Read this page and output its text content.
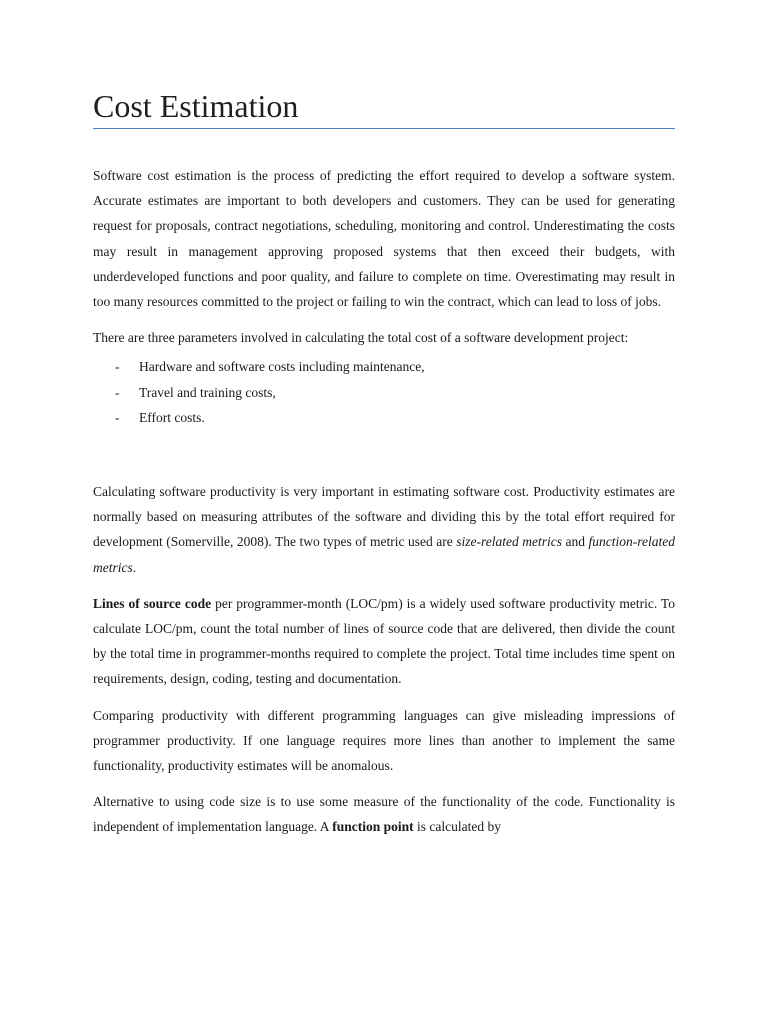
Cost Estimation

Software cost estimation is the process of predicting the effort required to develop a software system. Accurate estimates are important to both developers and customers. They can be used for generating request for proposals, contract negotiations, scheduling, monitoring and control. Underestimating the costs may result in management approving proposed systems that then exceed their budgets, with underdeveloped functions and poor quality, and failure to complete on time. Overestimating may result in too many resources committed to the project or failing to win the contract, which can lead to loss of jobs.

There are three parameters involved in calculating the total cost of a software development project:

- Hardware and software costs including maintenance,
- Travel and training costs,
- Effort costs.

Calculating software productivity is very important in estimating software cost. Productivity estimates are normally based on measuring attributes of the software and dividing this by the total effort required for development (Somerville, 2008). The two types of metric used are size-related metrics and function-related metrics.

Lines of source code per programmer-month (LOC/pm) is a widely used software productivity metric. To calculate LOC/pm, count the total number of lines of source code that are delivered, then divide the count by the total time in programmer-months required to complete the project. Total time includes time spent on requirements, design, coding, testing and documentation.

Comparing productivity with different programming languages can give misleading impressions of programmer productivity. If one language requires more lines than another to implement the same functionality, productivity estimates will be anomalous.

Alternative to using code size is to use some measure of the functionality of the code. Functionality is independent of implementation language. A function point is calculated by
